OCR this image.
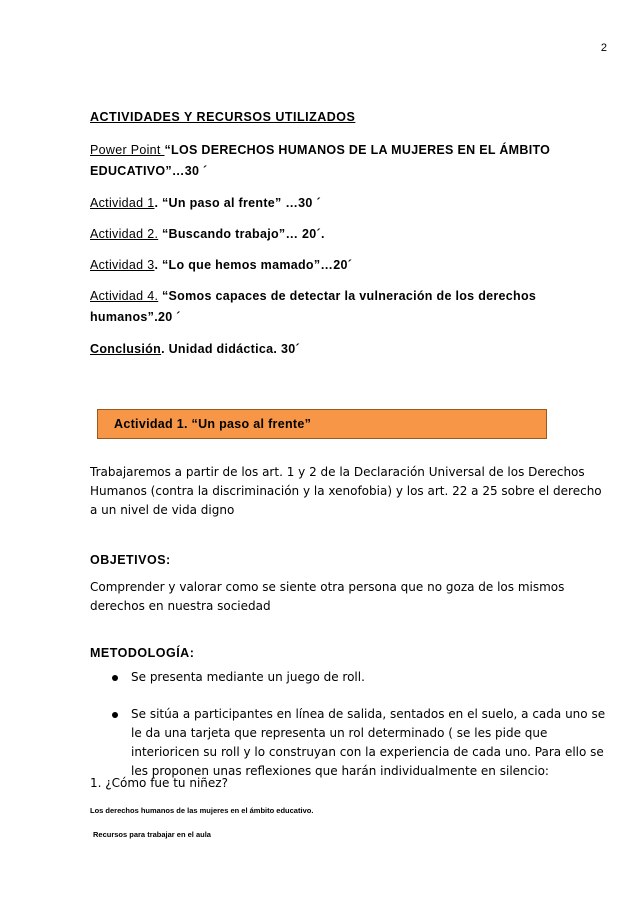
2
ACTIVIDADES Y RECURSOS UTILIZADOS
Power Point “LOS DERECHOS HUMANOS DE LA MUJERES EN EL ÁMBITO
EDUCATIVO”…30 ´
Actividad 1. “Un paso al frente” …30 ´
Actividad 2. “Buscando trabajo”… 20´.
Actividad 3. “Lo que hemos mamado”…20´
Actividad 4. “Somos capaces de detectar la vulneración de los derechos
humanos”.20 ´
Conclusión. Unidad didáctica. 30´
Actividad 1. “Un paso al frente”
Trabajaremos a partir de los art. 1 y 2 de la Declaración Universal de los Derechos Humanos (contra la discriminación y la xenofobia) y los art. 22 a 25 sobre el derecho a un nivel de vida digno
OBJETIVOS:
Comprender y valorar como se siente otra persona que no goza de los mismos derechos en nuestra sociedad
METODOLOGÍA:
Se presenta mediante un juego de roll.
Se sitúa a participantes en línea de salida, sentados en el suelo, a cada uno se le da una tarjeta que representa un rol determinado ( se les pide que interioricen su roll y lo construyan con la experiencia de cada uno. Para ello se les proponen unas reflexiones que harán individualmente en silencio:
1. ¿Cómo fue tu niñez?
Los derechos humanos de las mujeres en el ámbito educativo.
Recursos para trabajar en el aula
